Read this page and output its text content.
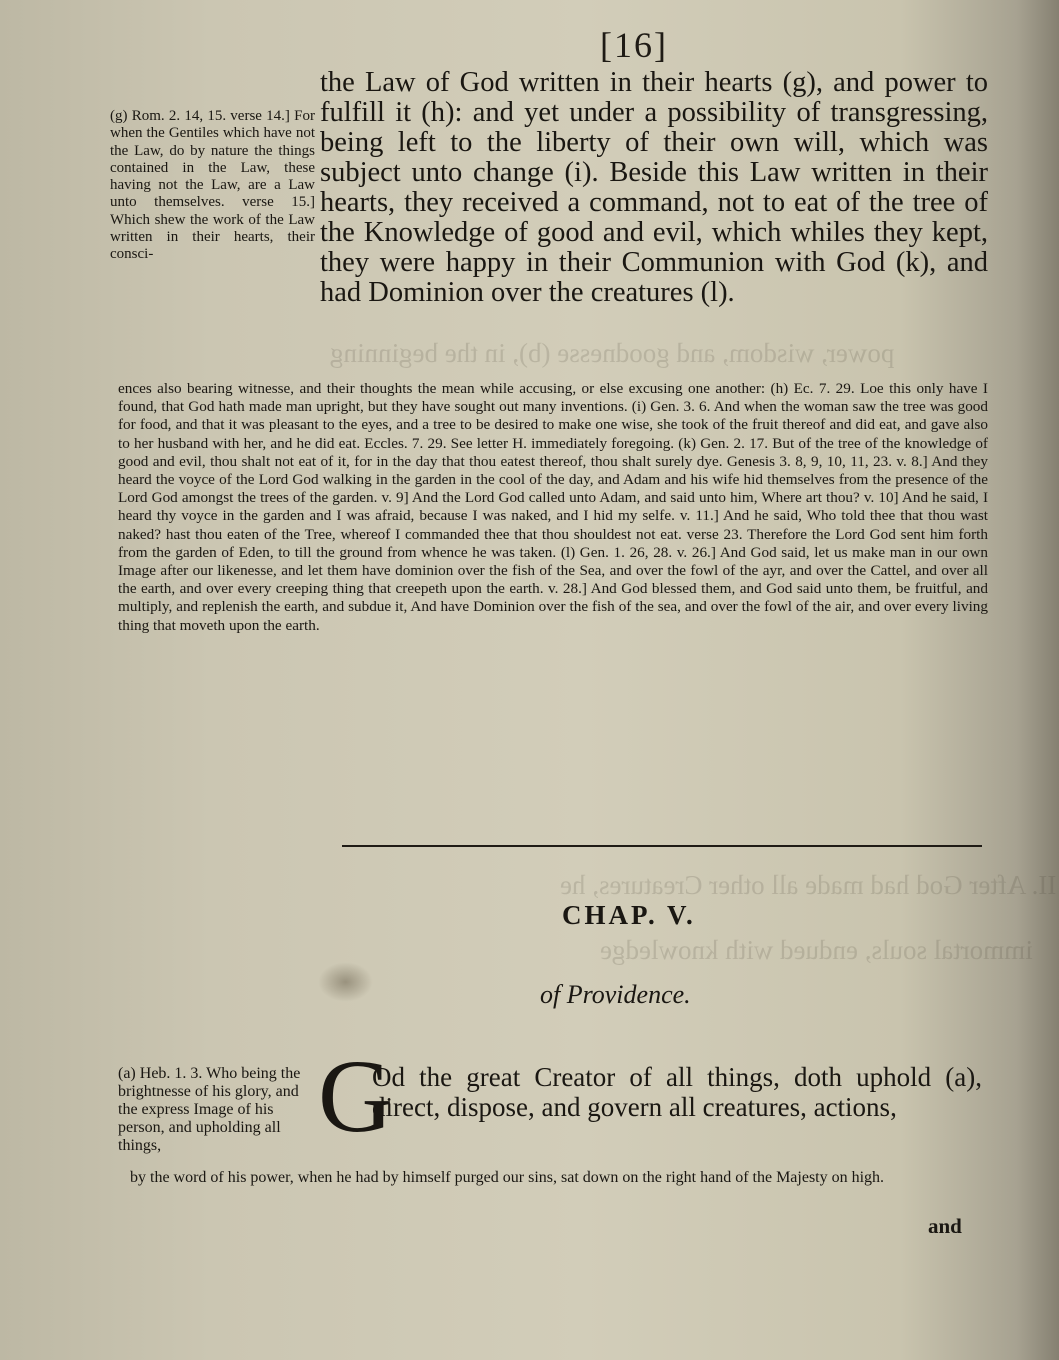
power, wisdom, and goodnesse (b), in the beginning
II. After God had made all other Creatures, he
immortal souls, endued with knowledge
[16]

the Law of God written in their hearts (g), and power to fulfill it (h): and yet under a possibility of transgressing, being left to the liberty of their own will, which was subject unto change (i). Beside this Law written in their hearts, they received a command, not to eat of the tree of the Knowledge of good and evil, which whiles they kept, they were happy in their Communion with God (k), and had Dominion over the creatures (l).

(g) Rom. 2. 14, 15. verse 14.] For when the Gentiles which have not the Law, do by nature the things contained in the Law, these having not the Law, are a Law unto themselves. verse 15.] Which shew the work of the Law written in their hearts, their consci-
ences also bearing witnesse, and their thoughts the mean while accusing, or else excusing one another: (h) Ec. 7. 29. Loe this only have I found, that God hath made man upright, but they have sought out many inventions. (i) Gen. 3. 6. And when the woman saw the tree was good for food, and that it was pleasant to the eyes, and a tree to be desired to make one wise, she took of the fruit thereof and did eat, and gave also to her husband with her, and he did eat. Eccles. 7. 29. See letter H. immediately foregoing. (k) Gen. 2. 17. But of the tree of the knowledge of good and evil, thou shalt not eat of it, for in the day that thou eatest thereof, thou shalt surely dye. Genesis 3. 8, 9, 10, 11, 23. v. 8.] And they heard the voyce of the Lord God walking in the garden in the cool of the day, and Adam and his wife hid themselves from the presence of the Lord God amongst the trees of the garden. v. 9] And the Lord God called unto Adam, and said unto him, Where art thou? v. 10] And he said, I heard thy voyce in the garden and I was afraid, because I was naked, and I hid my selfe. v. 11.] And he said, Who told thee that thou wast naked? hast thou eaten of the Tree, whereof I commanded thee that thou shouldest not eat. verse 23. Therefore the Lord God sent him forth from the garden of Eden, to till the ground from whence he was taken. (l) Gen. 1. 26, 28. v. 26.] And God said, let us make man in our own Image after our likenesse, and let them have dominion over the fish of the Sea, and over the fowl of the ayr, and over the Cattel, and over all the earth, and over every creeping thing that creepeth upon the earth. v. 28.] And God blessed them, and God said unto them, be fruitful, and multiply, and replenish the earth, and subdue it, And have Dominion over the fish of the sea, and over the fowl of the air, and over every living thing that moveth upon the earth.
CHAP. V.
of Providence.
(a) Heb. 1. 3. Who being the brightnesse of his glory, and the express Image of his person, and upholding all things,	G
Od the great Creator of all things, doth uphold (a), direct, dispose, and govern all creatures, actions,
by the word of his power, when he had by himself purged our sins, sat down on the right hand of the Majesty on high.
and
